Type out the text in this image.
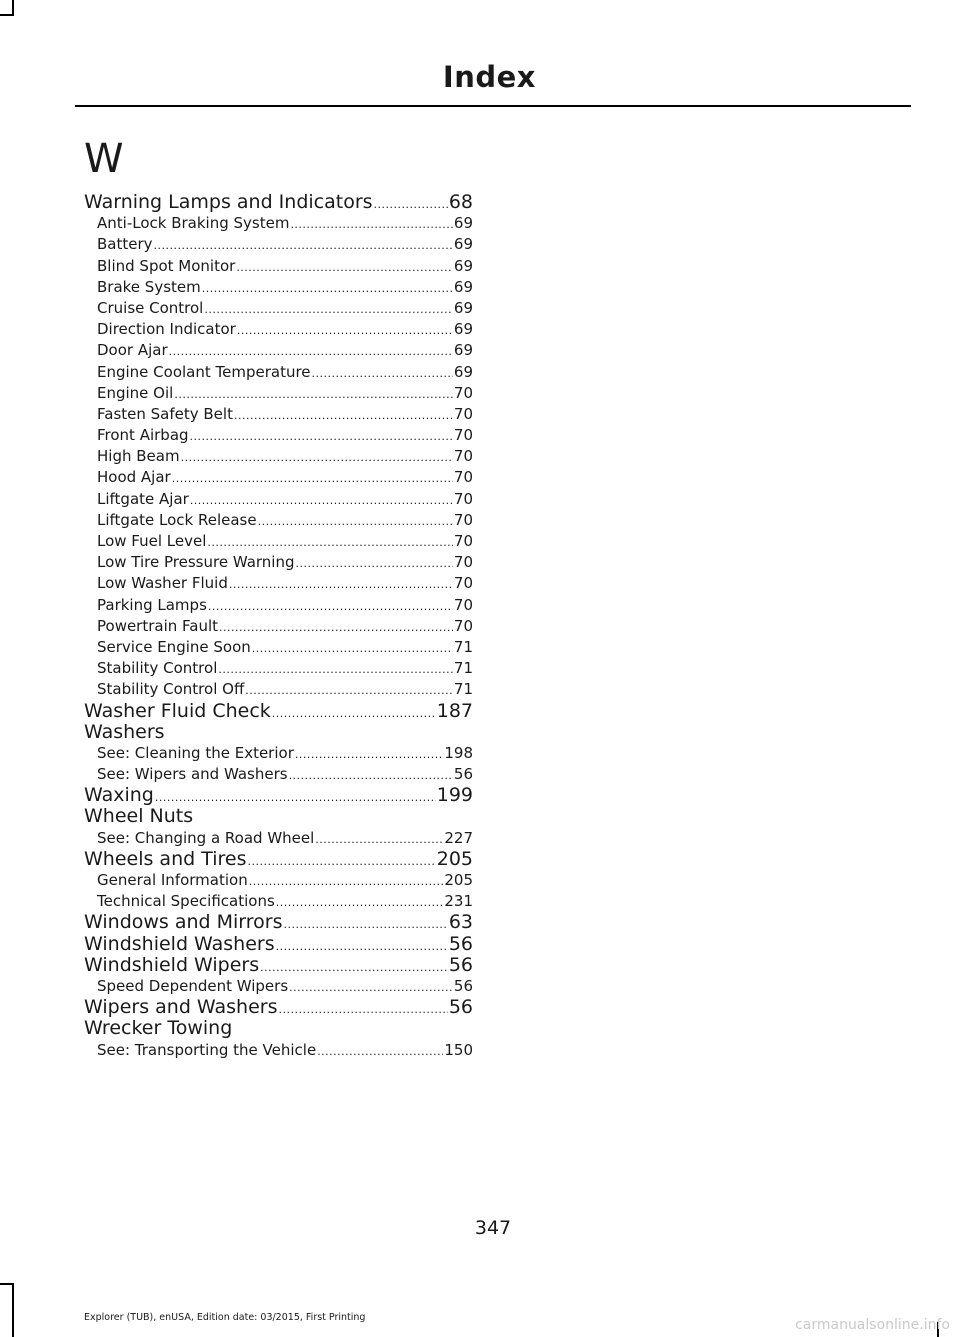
Index
W
Warning Lamps and Indicators .....	68
Anti-Lock Braking System .....	69
Battery .....	69
Blind Spot Monitor .....	69
Brake System .....	69
Cruise Control .....	69
Direction Indicator .....	69
Door Ajar .....	69
Engine Coolant Temperature .....	69
Engine Oil .....	70
Fasten Safety Belt .....	70
Front Airbag .....	70
High Beam .....	70
Hood Ajar .....	70
Liftgate Ajar .....	70
Liftgate Lock Release .....	70
Low Fuel Level .....	70
Low Tire Pressure Warning .....	70
Low Washer Fluid .....	70
Parking Lamps .....	70
Powertrain Fault .....	70
Service Engine Soon .....	71
Stability Control .....	71
Stability Control Off .....	71
Washer Fluid Check .....	187
Washers
See: Cleaning the Exterior .....	198
See: Wipers and Washers .....	56
Waxing .....	199
Wheel Nuts
See: Changing a Road Wheel .....	227
Wheels and Tires .....	205
General Information .....	205
Technical Specifications .....	231
Windows and Mirrors .....	63
Windshield Washers .....	56
Windshield Wipers .....	56
Speed Dependent Wipers .....	56
Wipers and Washers .....	56
Wrecker Towing
See: Transporting the Vehicle .....	150
347
Explorer (TUB), enUSA, Edition date: 03/2015, First Printing	carmanualsonline.info
